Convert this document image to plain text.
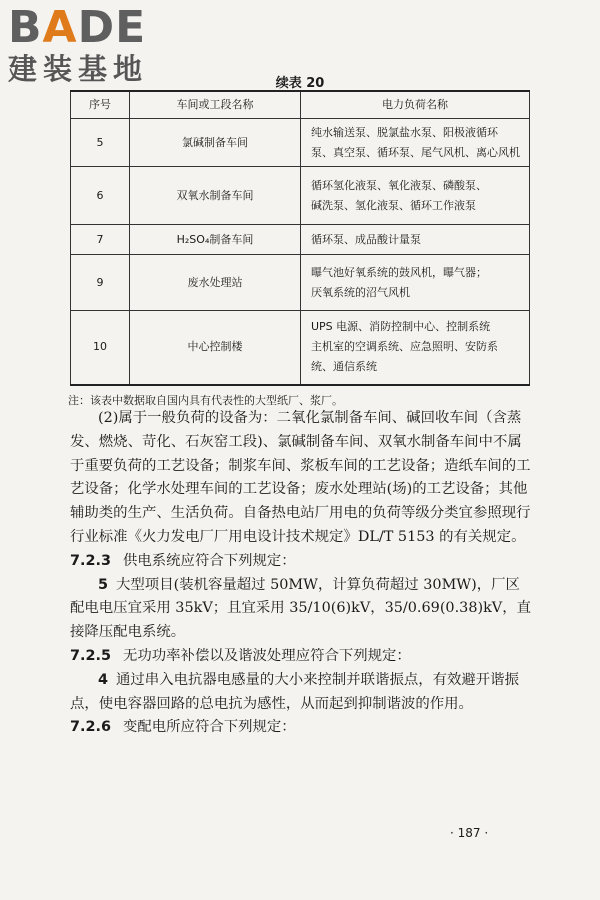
BADE
建装基地	续表 20
序号	车间或工段名称	电力负荷名称
5	氯碱制备车间	纯水输送泵、脱氯盐水泵、阳极液循环
泵、真空泵、循环泵、尾气风机、离心风机

6	双氧水制备车间	循环氢化液泵、氧化液泵、磷酸泵、
碱洗泵、氢化液泵、循环工作液泵

7	H₂SO₄制备车间	循环泵、成品酸计量泵

9	废水处理站	曝气池好氧系统的鼓风机，曝气器；
厌氧系统的沼气风机

10	中心控制楼	UPS 电源、消防控制中心、控制系统
主机室的空调系统、应急照明、安防系
统、通信系统
注：该表中数据取自国内具有代表性的大型纸厂、浆厂。

(2)属于一般负荷的设备为：二氧化氯制备车间、碱回收车间（含蒸发、燃烧、苛化、石灰窑工段)、氯碱制备车间、双氧水制备车间中不属于重要负荷的工艺设备；制浆车间、浆板车间的工艺设备；造纸车间的工艺设备；化学水处理车间的工艺设备；废水处理站(场)的工艺设备；其他辅助类的生产、生活负荷。自备热电站厂用电的负荷等级分类宜参照现行行业标准《火力发电厂厂用电设计技术规定》DL/T 5153 的有关规定。

7.2.3 供电系统应符合下列规定：

5 大型项目(装机容量超过 50MW，计算负荷超过 30MW)，厂区配电电压宜采用 35kV；且宜采用 35/10(6)kV，35/0.69(0.38)kV，直接降压配电系统。

7.2.5 无功功率补偿以及谐波处理应符合下列规定：

4 通过串入电抗器电感量的大小来控制并联谐振点，有效避开谐振点，使电容器回路的总电抗为感性，从而起到抑制谐波的作用。

7.2.6 变配电所应符合下列规定：

· 187 ·
